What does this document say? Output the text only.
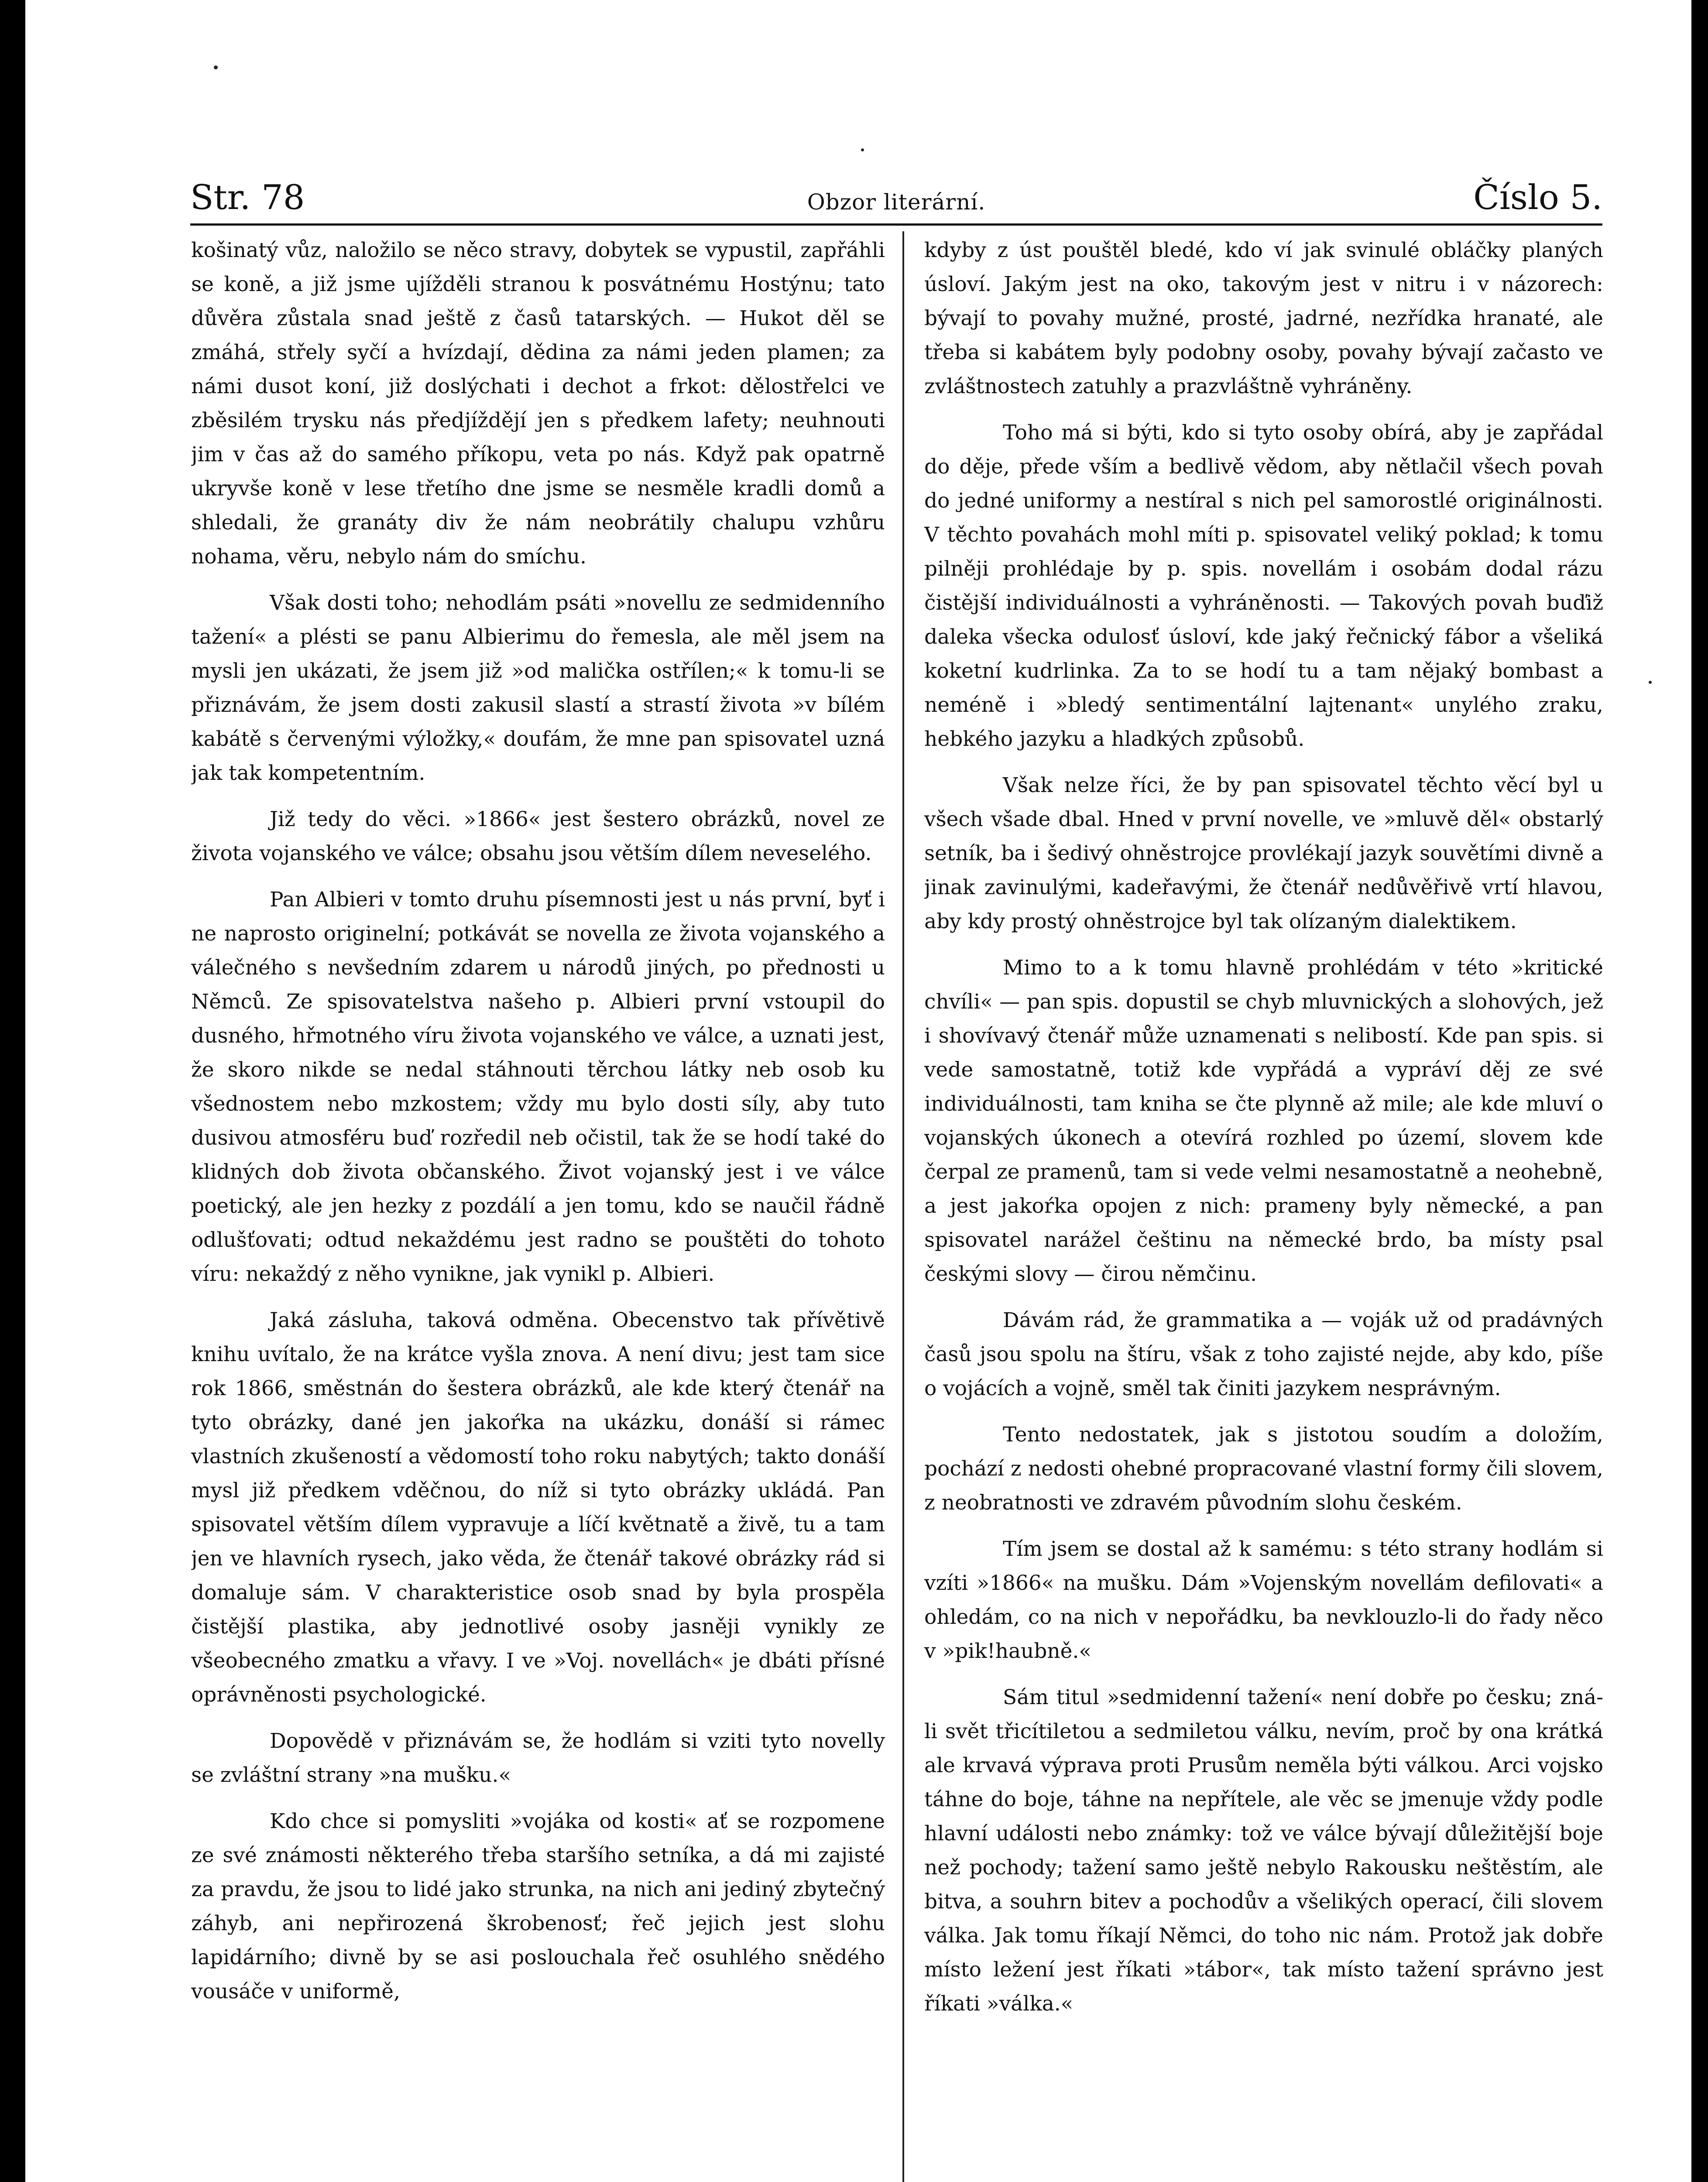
Str. 78	Obzor literární.	Číslo 5.

košinatý vůz, naložilo se něco stravy, dobytek se vypustil, zapřáhli se koně, a již jsme ujížděli stranou k posvátnému Hostýnu; tato důvěra zůstala snad ještě z časů tatarských. — Hukot děl se zmáhá, střely syčí a hvízdají, dědina za námi jeden plamen; za námi dusot koní, již doslýchati i dechot a frkot: dělostřelci ve zběsilém trysku nás předjíždějí jen s předkem lafety; neuhnouti jim v čas až do samého příkopu, veta po nás. Když pak opatrně ukryvše koně v lese třetího dne jsme se nesměle kradli domů a shledali, že granáty div že nám neobrátily chalupu vzhůru nohama, věru, nebylo nám do smíchu.

Však dosti toho; nehodlám psáti »novellu ze sedmidenního tažení« a plésti se panu Albierimu do řemesla, ale měl jsem na mysli jen ukázati, že jsem již »od malička ostřílen;« k tomu-li se přiznávám, že jsem dosti zakusil slastí a strastí života »v bílém kabátě s červenými výložky,« doufám, že mne pan spisovatel uzná jak tak kompetentním.

Již tedy do věci. »1866« jest šestero obrázků, novel ze života vojanského ve válce; obsahu jsou větším dílem neveselého.

Pan Albieri v tomto druhu písemnosti jest u nás první, byť i ne naprosto originelní; potkávát se novella ze života vojanského a válečného s nevšedním zdarem u národů jiných, po přednosti u Němců. Ze spisovatelstva našeho p. Albieri první vstoupil do dusného, hřmotného víru života vojanského ve válce, a uznati jest, že skoro nikde se nedal stáhnouti těrchou látky neb osob ku všednostem nebo mzkostem; vždy mu bylo dosti síly, aby tuto dusivou atmosféru buď rozředil neb očistil, tak že se hodí také do klidných dob života občanského. Život vojanský jest i ve válce poetický, ale jen hezky z pozdálí a jen tomu, kdo se naučil řádně odlušťovati; odtud nekaždému jest radno se pouštěti do tohoto víru: nekaždý z něho vynikne, jak vynikl p. Albieri.

Jaká zásluha, taková odměna. Obecenstvo tak přívětivě knihu uvítalo, že na krátce vyšla znova. A není divu; jest tam sice rok 1866, směstnán do šestera obrázků, ale kde který čtenář na tyto obrázky, dané jen jakoŕka na ukázku, donáší si rámec vlastních zkušeností a vědomostí toho roku nabytých; takto donáší mysl již předkem vděčnou, do níž si tyto obrázky ukládá. Pan spisovatel větším dílem vypravuje a líčí květnatě a živě, tu a tam jen ve hlavních rysech, jako věda, že čtenář takové obrázky rád si domaluje sám. V charakteristice osob snad by byla prospěla čistější plastika, aby jednotlivé osoby jasněji vynikly ze všeobecného zmatku a vřavy. I ve »Voj. novellách« je dbáti přísné oprávněnosti psychologické.

Dopovědě v přiznávám se, že hodlám si vziti tyto novelly se zvláštní strany »na mušku.«

Kdo chce si pomysliti »vojáka od kosti« ať se rozpomene ze své známosti některého třeba staršího setníka, a dá mi zajisté za pravdu, že jsou to lidé jako strunka, na nich ani jediný zbytečný záhyb, ani nepřirozená škrobenosť; řeč jejich jest slohu lapidárního; divně by se asi poslouchala řeč osuhlého snědého vousáče v uniformě,

kdyby z úst pouštěl bledé, kdo ví jak svinulé obláčky planých úsloví. Jakým jest na oko, takovým jest v nitru i v názorech: bývají to povahy mužné, prosté, jadrné, nezřídka hranaté, ale třeba si kabátem byly podobny osoby, povahy bývají začasto ve zvláštnostech zatuhly a prazvláštně vyhráněny.

Toho má si býti, kdo si tyto osoby obírá, aby je zapřádal do děje, přede vším a bedlivě vědom, aby nětlačil všech povah do jedné uniformy a nestíral s nich pel samorostlé originálnosti. V těchto povahách mohl míti p. spisovatel veliký poklad; k tomu pilněji prohlédaje by p. spis. novellám i osobám dodal rázu čistější individuálnosti a vyhráněnosti. — Takových povah buďiž daleka všecka odulosť úsloví, kde jaký řečnický fábor a všeliká koketní kudrlinka. Za to se hodí tu a tam nějaký bombast a neméně i »bledý sentimentální lajtenant« unylého zraku, hebkého jazyku a hladkých způsobů.

Však nelze říci, že by pan spisovatel těchto věcí byl u všech všade dbal. Hned v první novelle, ve »mluvě děl« obstarlý setník, ba i šedivý ohněstrojce provlékají jazyk souvětími divně a jinak zavinulými, kadeřavými, že čtenář nedůvěřivě vrtí hlavou, aby kdy prostý ohněstrojce byl tak olízaným dialektikem.

Mimo to a k tomu hlavně prohlédám v této »kritické chvíli« — pan spis. dopustil se chyb mluvnických a slohových, jež i shovívavý čtenář může uznamenati s nelibostí. Kde pan spis. si vede samostatně, totiž kde vypřádá a vypráví děj ze své individuálnosti, tam kniha se čte plynně až mile; ale kde mluví o vojanských úkonech a otevírá rozhled po území, slovem kde čerpal ze pramenů, tam si vede velmi nesamostatně a neohebně, a jest jakoŕka opojen z nich: prameny byly německé, a pan spisovatel narážel češtinu na německé brdo, ba místy psal českými slovy — čirou němčinu.

Dávám rád, že grammatika a — voják už od pradávných časů jsou spolu na štíru, však z toho zajisté nejde, aby kdo, píše o vojácích a vojně, směl tak činiti jazykem nesprávným.

Tento nedostatek, jak s jistotou soudím a doložím, pochází z nedosti ohebné propracované vlastní formy čili slovem, z neobratnosti ve zdravém původním slohu českém.

Tím jsem se dostal až k samému: s této strany hodlám si vzíti »1866« na mušku. Dám »Vojenským novellám defilovati« a ohledám, co na nich v nepořádku, ba nevklouzlo-li do řady něco v »pik!haubně.«

Sám titul »sedmidenní tažení« není dobře po česku; zná-li svět třicítiletou a sedmiletou válku, nevím, proč by ona krátká ale krvavá výprava proti Prusům neměla býti válkou. Arci vojsko táhne do boje, táhne na nepřítele, ale věc se jmenuje vždy podle hlavní události nebo známky: tož ve válce bývají důležitější boje než pochody; tažení samo ještě nebylo Rakousku neštěstím, ale bitva, a souhrn bitev a pochodův a všelikých operací, čili slovem válka. Jak tomu říkají Němci, do toho nic nám. Protož jak dobře místo ležení jest říkati »tábor«, tak místo tažení správno jest říkati »válka.«
